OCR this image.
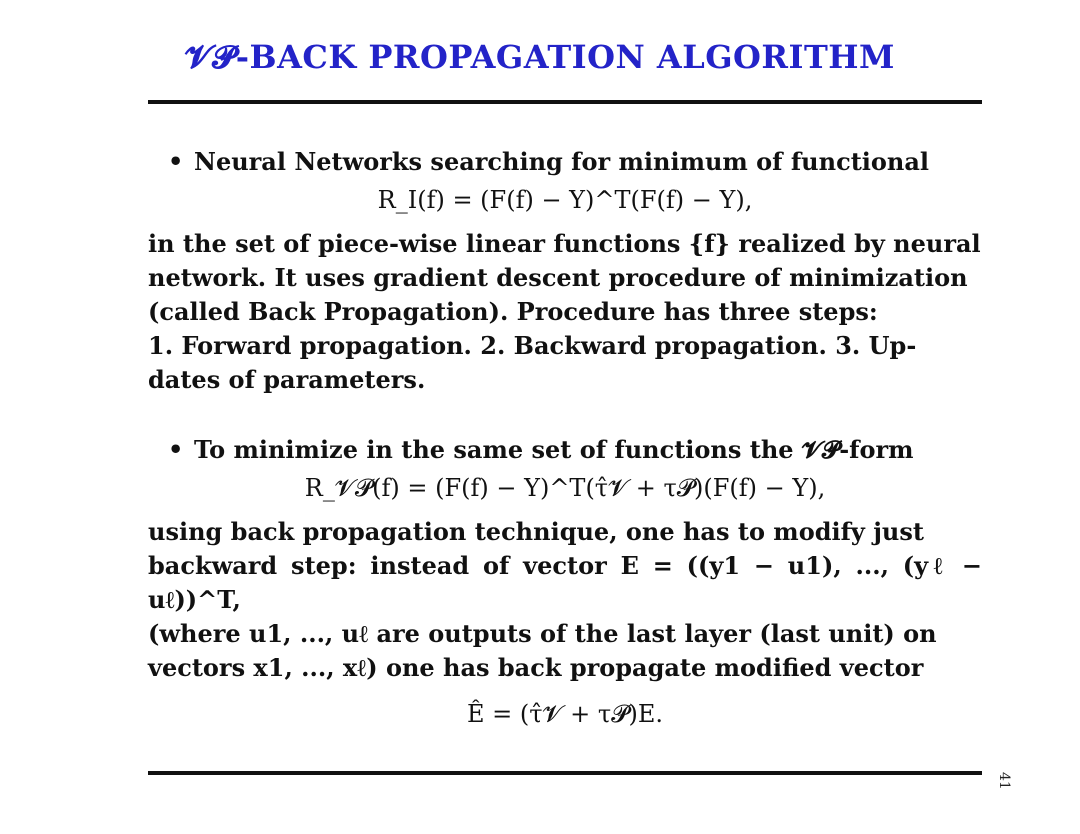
𝓥𝓟-BACK PROPAGATION ALGORITHM
• Neural Networks searching for minimum of functional
R_I(f) = (F(f) − Y)^T(F(f) − Y),
in the set of piece-wise linear functions {f} realized by neural
network. It uses gradient descent procedure of minimization
(called Back Propagation). Procedure has three steps:
1. Forward propagation. 2. Backward propagation. 3. Up-
dates of parameters.
• To minimize in the same set of functions the 𝓥𝓟-form
R_𝓥𝓟(f) = (F(f) − Y)^T(τ̂𝓥 + τ𝓟)(F(f) − Y),
using back propagation technique, one has to modify just
backward step: instead of vector E = ((y1 − u1), ..., (yℓ − uℓ))^T,
(where u1, ..., uℓ are outputs of the last layer (last unit) on
vectors x1, ..., xℓ) one has back propagate modified vector
Ê = (τ̂𝓥 + τ𝓟)E.
41
